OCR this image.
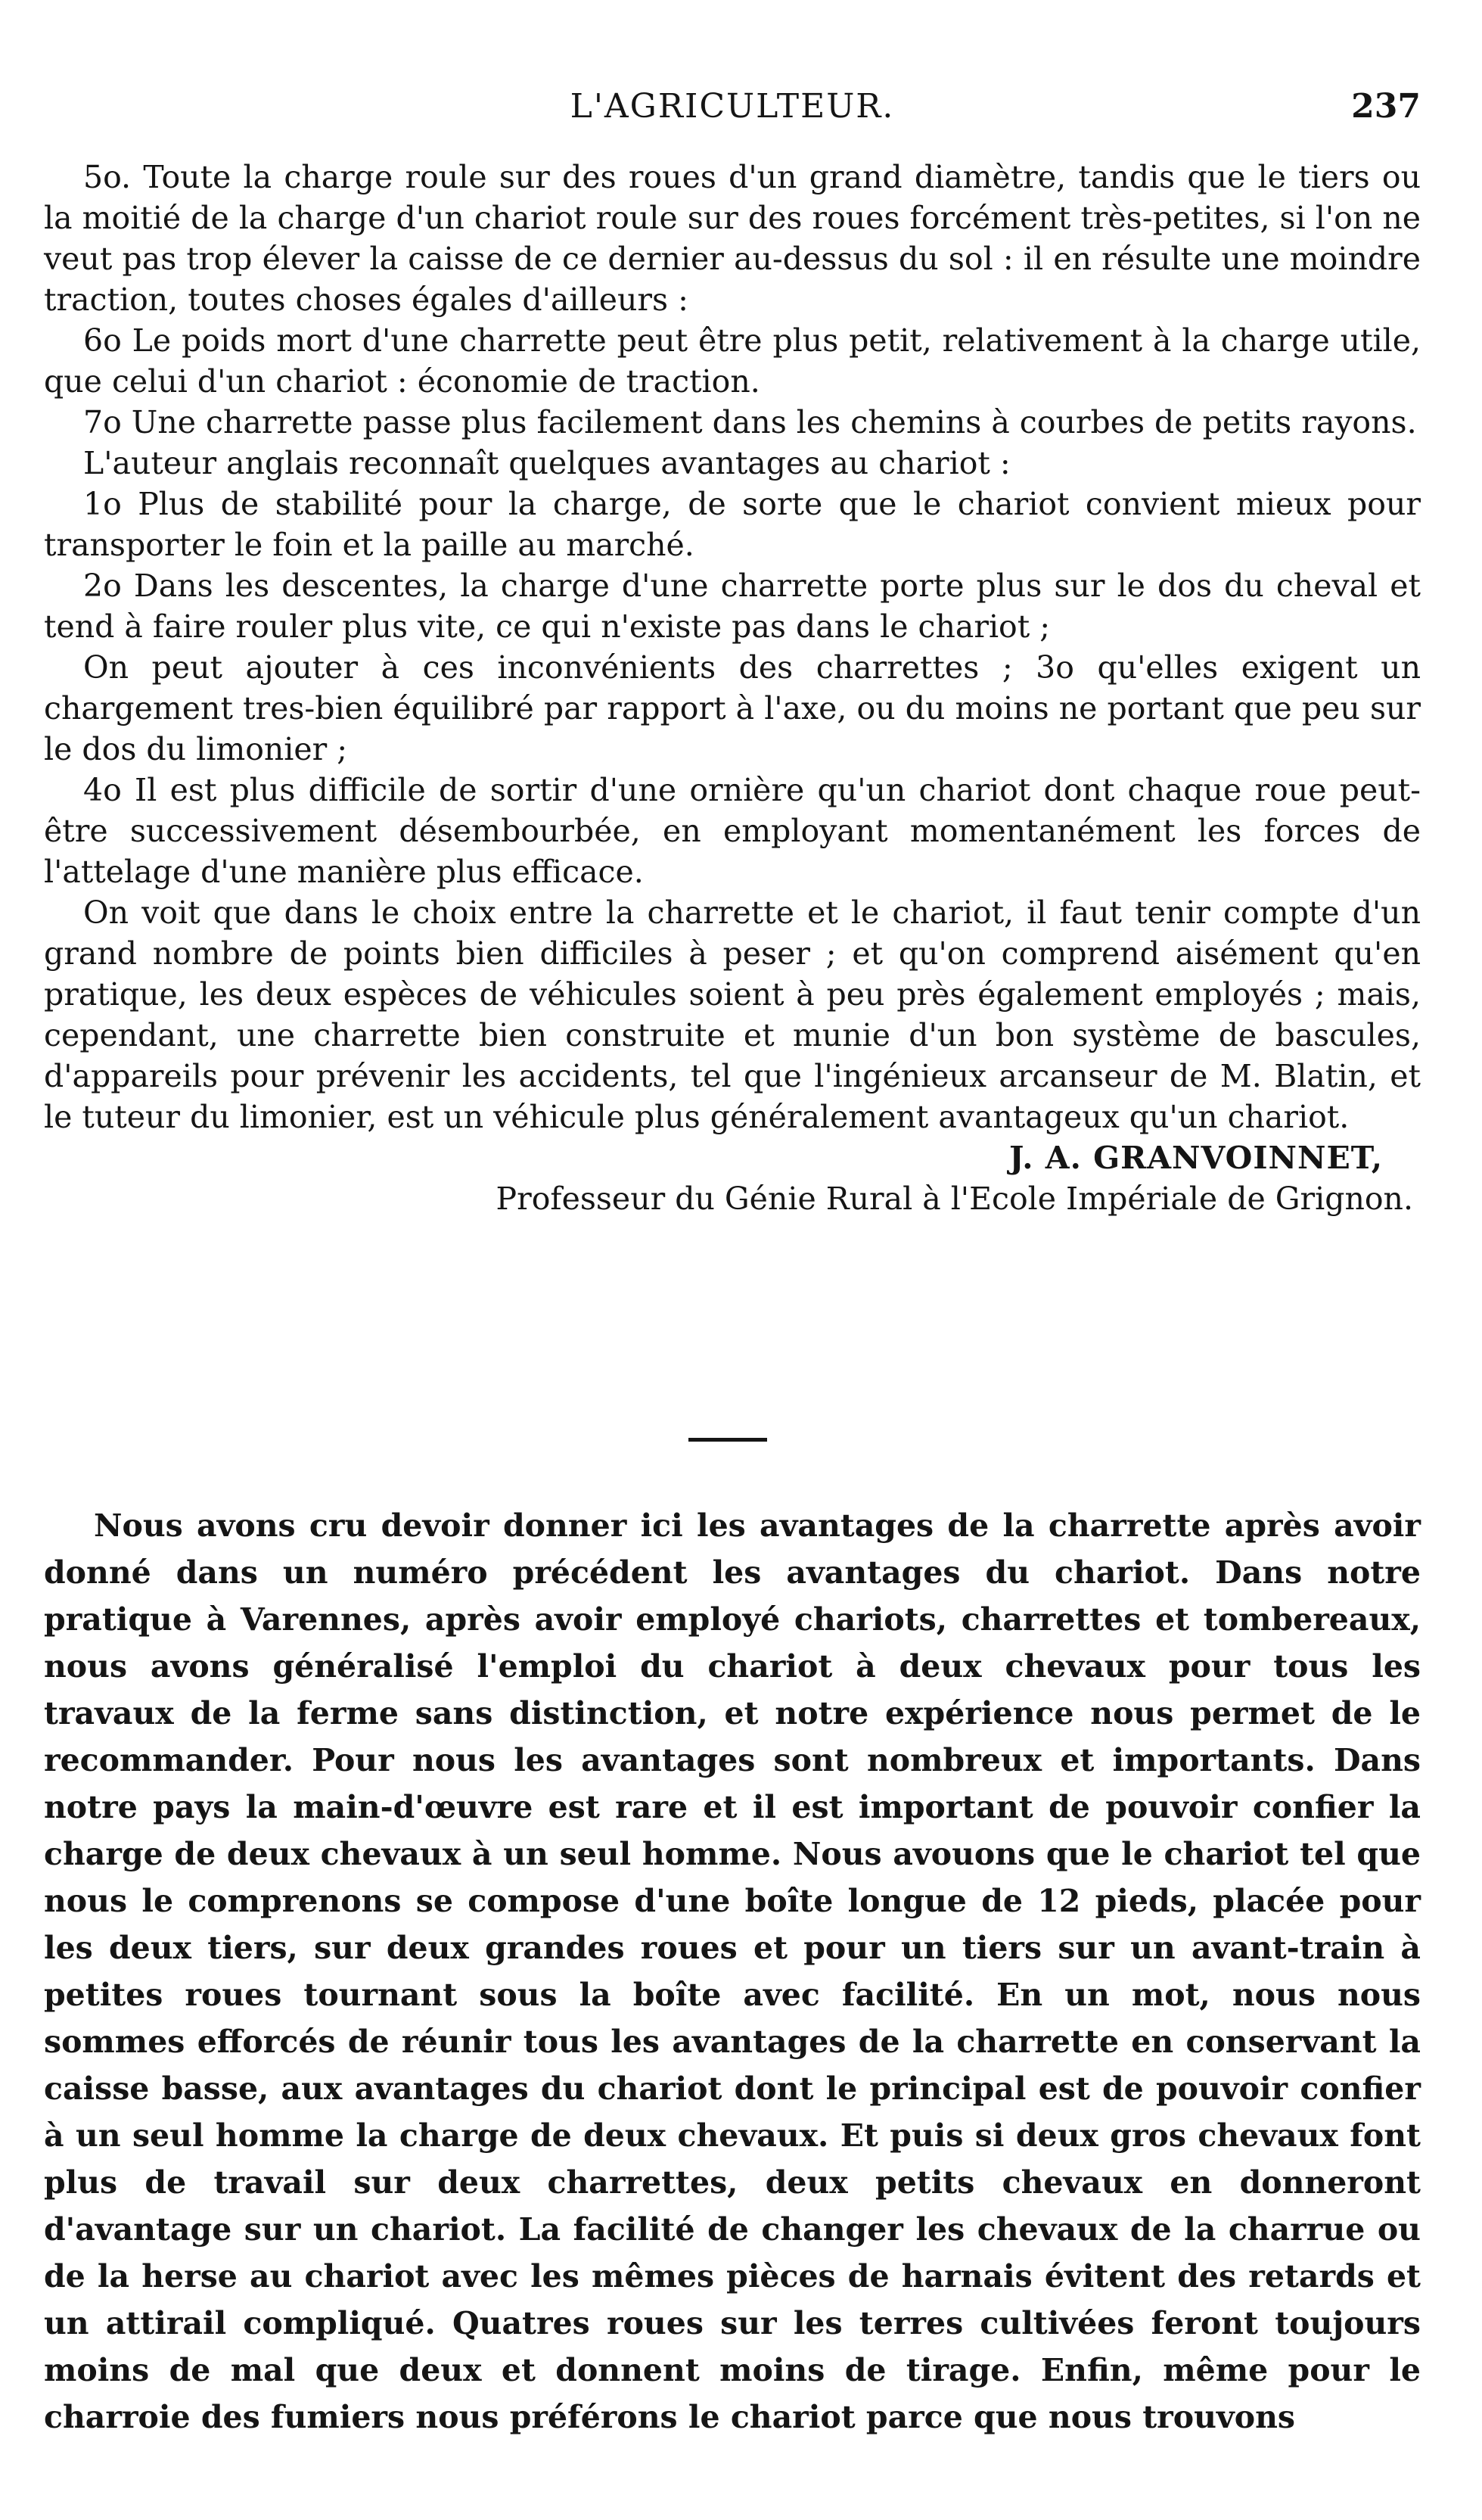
L'AGRICULTEUR.	237

5o. Toute la charge roule sur des roues d'un grand diamètre, tandis que le tiers ou la moitié de la charge d'un chariot roule sur des roues forcément très-petites, si l'on ne veut pas trop élever la caisse de ce dernier au-dessus du sol : il en résulte une moindre traction, toutes choses égales d'ailleurs :

6o Le poids mort d'une charrette peut être plus petit, relativement à la charge utile, que celui d'un chariot : économie de traction.

7o Une charrette passe plus facilement dans les chemins à courbes de petits rayons.

L'auteur anglais reconnaît quelques avantages au chariot :

1o Plus de stabilité pour la charge, de sorte que le chariot convient mieux pour transporter le foin et la paille au marché.

2o Dans les descentes, la charge d'une charrette porte plus sur le dos du cheval et tend à faire rouler plus vite, ce qui n'existe pas dans le chariot ;

On peut ajouter à ces inconvénients des charrettes ; 3o qu'elles exigent un chargement tres-bien équilibré par rapport à l'axe, ou du moins ne portant que peu sur le dos du limonier ;

4o Il est plus difficile de sortir d'une ornière qu'un chariot dont chaque roue peut-être successivement désembourbée, en employant momentanément les forces de l'attelage d'une manière plus efficace.

On voit que dans le choix entre la charrette et le chariot, il faut tenir compte d'un grand nombre de points bien difficiles à peser ; et qu'on comprend aisément qu'en pratique, les deux espèces de véhicules soient à peu près également employés ; mais, cependant, une charrette bien construite et munie d'un bon système de bascules, d'appareils pour prévenir les accidents, tel que l'ingénieux arcanseur de M. Blatin, et le tuteur du limonier, est un véhicule plus généralement avantageux qu'un chariot.

J. A. GRANVOINNET,

Professeur du Génie Rural à l'Ecole Impériale de Grignon.

Nous avons cru devoir donner ici les avantages de la charrette après avoir donné dans un numéro précédent les avantages du chariot. Dans notre pratique à Varennes, après avoir employé chariots, charrettes et tombereaux, nous avons généralisé l'emploi du chariot à deux chevaux pour tous les travaux de la ferme sans distinction, et notre expérience nous permet de le recommander. Pour nous les avantages sont nombreux et importants. Dans notre pays la main-d'œuvre est rare et il est important de pouvoir confier la charge de deux chevaux à un seul homme. Nous avouons que le chariot tel que nous le comprenons se compose d'une boîte longue de 12 pieds, placée pour les deux tiers, sur deux grandes roues et pour un tiers sur un avant-train à petites roues tournant sous la boîte avec facilité. En un mot, nous nous sommes efforcés de réunir tous les avantages de la charrette en conservant la caisse basse, aux avantages du chariot dont le principal est de pouvoir confier à un seul homme la charge de deux chevaux. Et puis si deux gros chevaux font plus de travail sur deux charrettes, deux petits chevaux en donneront d'avantage sur un chariot. La facilité de changer les chevaux de la charrue ou de la herse au chariot avec les mêmes pièces de harnais évitent des retards et un attirail compliqué. Quatres roues sur les terres cultivées feront toujours moins de mal que deux et donnent moins de tirage. Enfin, même pour le charroie des fumiers nous préférons le chariot parce que nous trouvons
